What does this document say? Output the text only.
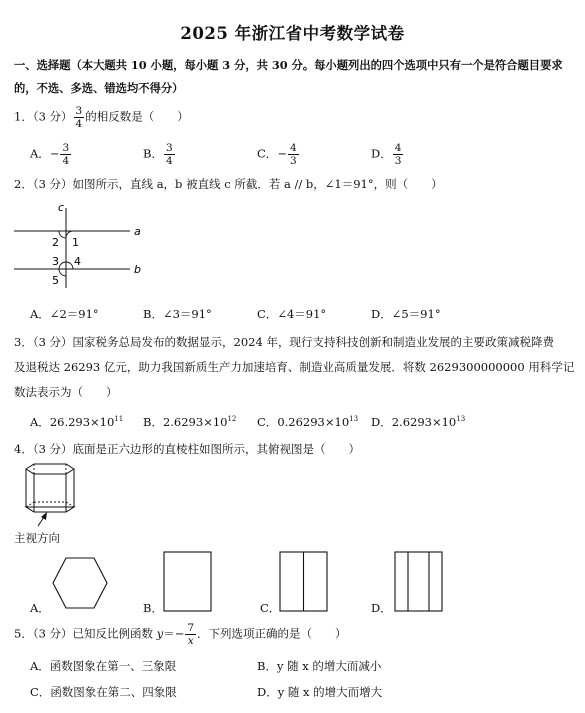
2025 年浙江省中考数学试卷
一、选择题（本大题共 10 小题，每小题 3 分，共 30 分。每小题列出的四个选项中只有一个是符合题目要求的，不选、多选、错选均不得分）
1．（3 分） $\frac{3}{4}$ 的相反数是（　　）
A．− $\frac{3}{4}$	B． $\frac{3}{4}$	C．− $\frac{4}{3}$	D． $\frac{4}{3}$
2．（3 分）如图所示，直线 a，b 被直线 c 所截．若 a // b，∠1＝91°，则（　　）
c
a
b
1
2
3 4
5
A．∠2＝91°	B．∠3＝91°	C．∠4＝91°	D．∠5＝91°
3．（3 分）国家税务总局发布的数据显示，2024 年，现行支持科技创新和制造业发展的主要政策减税降费
及退税达 26293 亿元，助力我国新质生产力加速培育、制造业高质量发展．将数 2629300000000 用科学记
数法表示为（　　）
A．$26.293\times 10^{11}$ B．$2.6293\times 10^{12}$ C．$0.26293\times 10^{13}$ D．$2.6293\times 10^{13}$
4．（3 分）底面是正六边形的直棱柱如图所示，其俯视图是（　　）
主视方向
A．	B．	C．	D．
5．（3 分）已知反比例函数 $y=- \frac{7}{x}$ ．下列选项正确的是（　　）
A．函数图象在第一、三象限	B．y 随 x 的增大而减小
C．函数图象在第二、四象限	D．y 随 x 的增大而增大
